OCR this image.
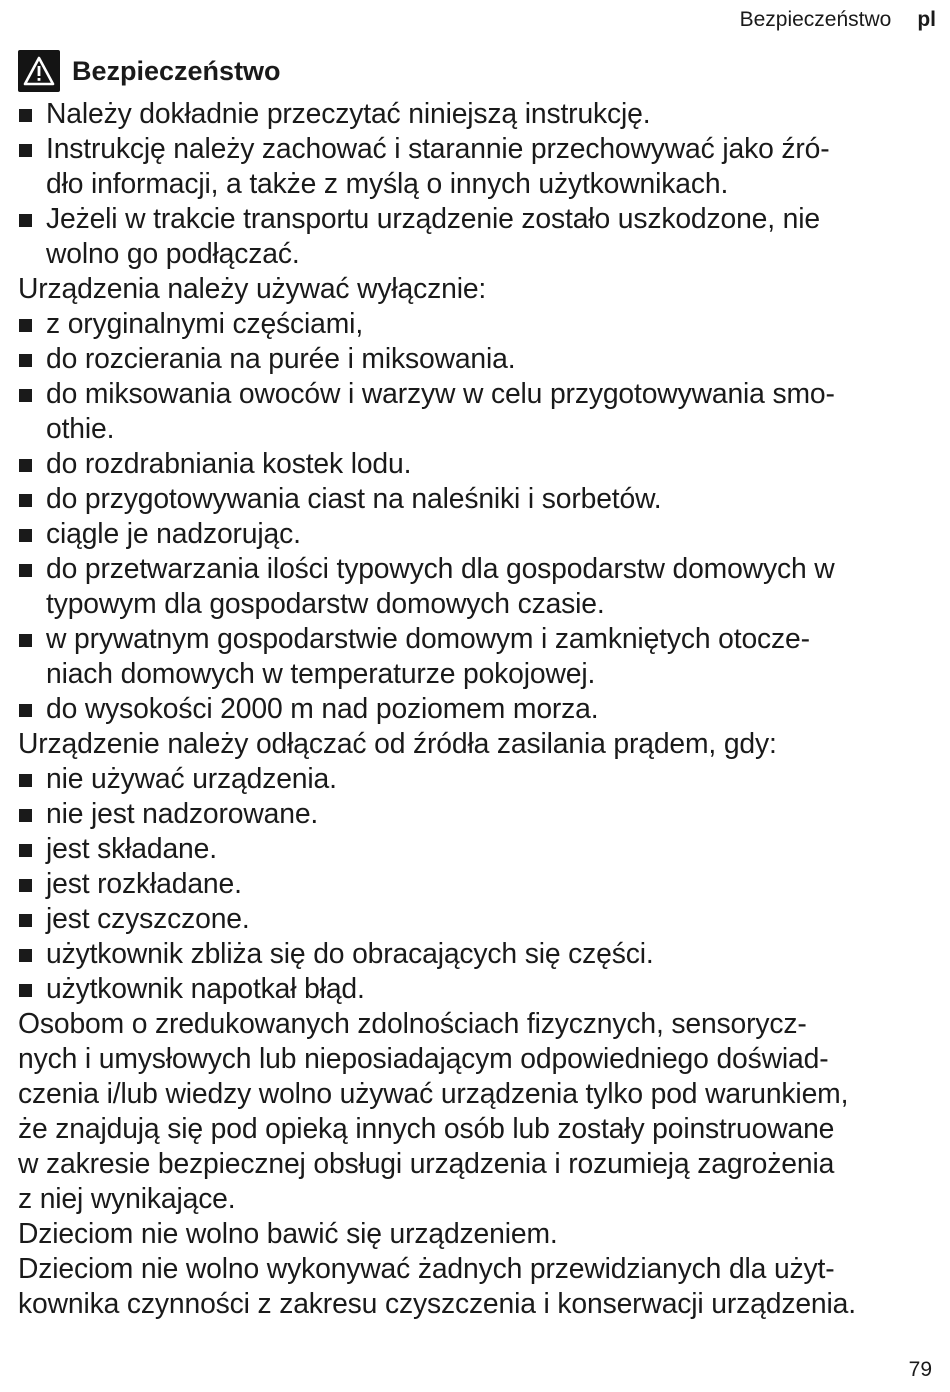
Bezpieczeństwo pl
Bezpieczeństwo
Należy dokładnie przeczytać niniejszą instrukcję.
Instrukcję należy zachować i starannie przechowywać jako źró-
dło informacji, a także z myślą o innych użytkownikach.
Jeżeli w trakcie transportu urządzenie zostało uszkodzone, nie
wolno go podłączać.

Urządzenia należy używać wyłącznie:

z oryginalnymi częściami,
do rozcierania na purée i miksowania.
do miksowania owoców i warzyw w celu przygotowywania smo-
othie.
do rozdrabniania kostek lodu.
do przygotowywania ciast na naleśniki i sorbetów.
ciągle je nadzorując.
do przetwarzania ilości typowych dla gospodarstw domowych w
typowym dla gospodarstw domowych czasie.
w prywatnym gospodarstwie domowym i zamkniętych otocze-
niach domowych w temperaturze pokojowej.
do wysokości 2000 m nad poziomem morza.

Urządzenie należy odłączać od źródła zasilania prądem, gdy:

nie używać urządzenia.
nie jest nadzorowane.
jest składane.
jest rozkładane.
jest czyszczone.
użytkownik zbliża się do obracających się części.
użytkownik napotkał błąd.

Osobom o zredukowanych zdolnościach fizycznych, sensorycz-
nych i umysłowych lub nieposiadającym odpowiedniego doświad-
czenia i/lub wiedzy wolno używać urządzenia tylko pod warunkiem,
że znajdują się pod opieką innych osób lub zostały poinstruowane
w zakresie bezpiecznej obsługi urządzenia i rozumieją zagrożenia
z niej wynikające.

Dzieciom nie wolno bawić się urządzeniem.

Dzieciom nie wolno wykonywać żadnych przewidzianych dla użyt-
kownika czynności z zakresu czyszczenia i konserwacji urządzenia.

79
